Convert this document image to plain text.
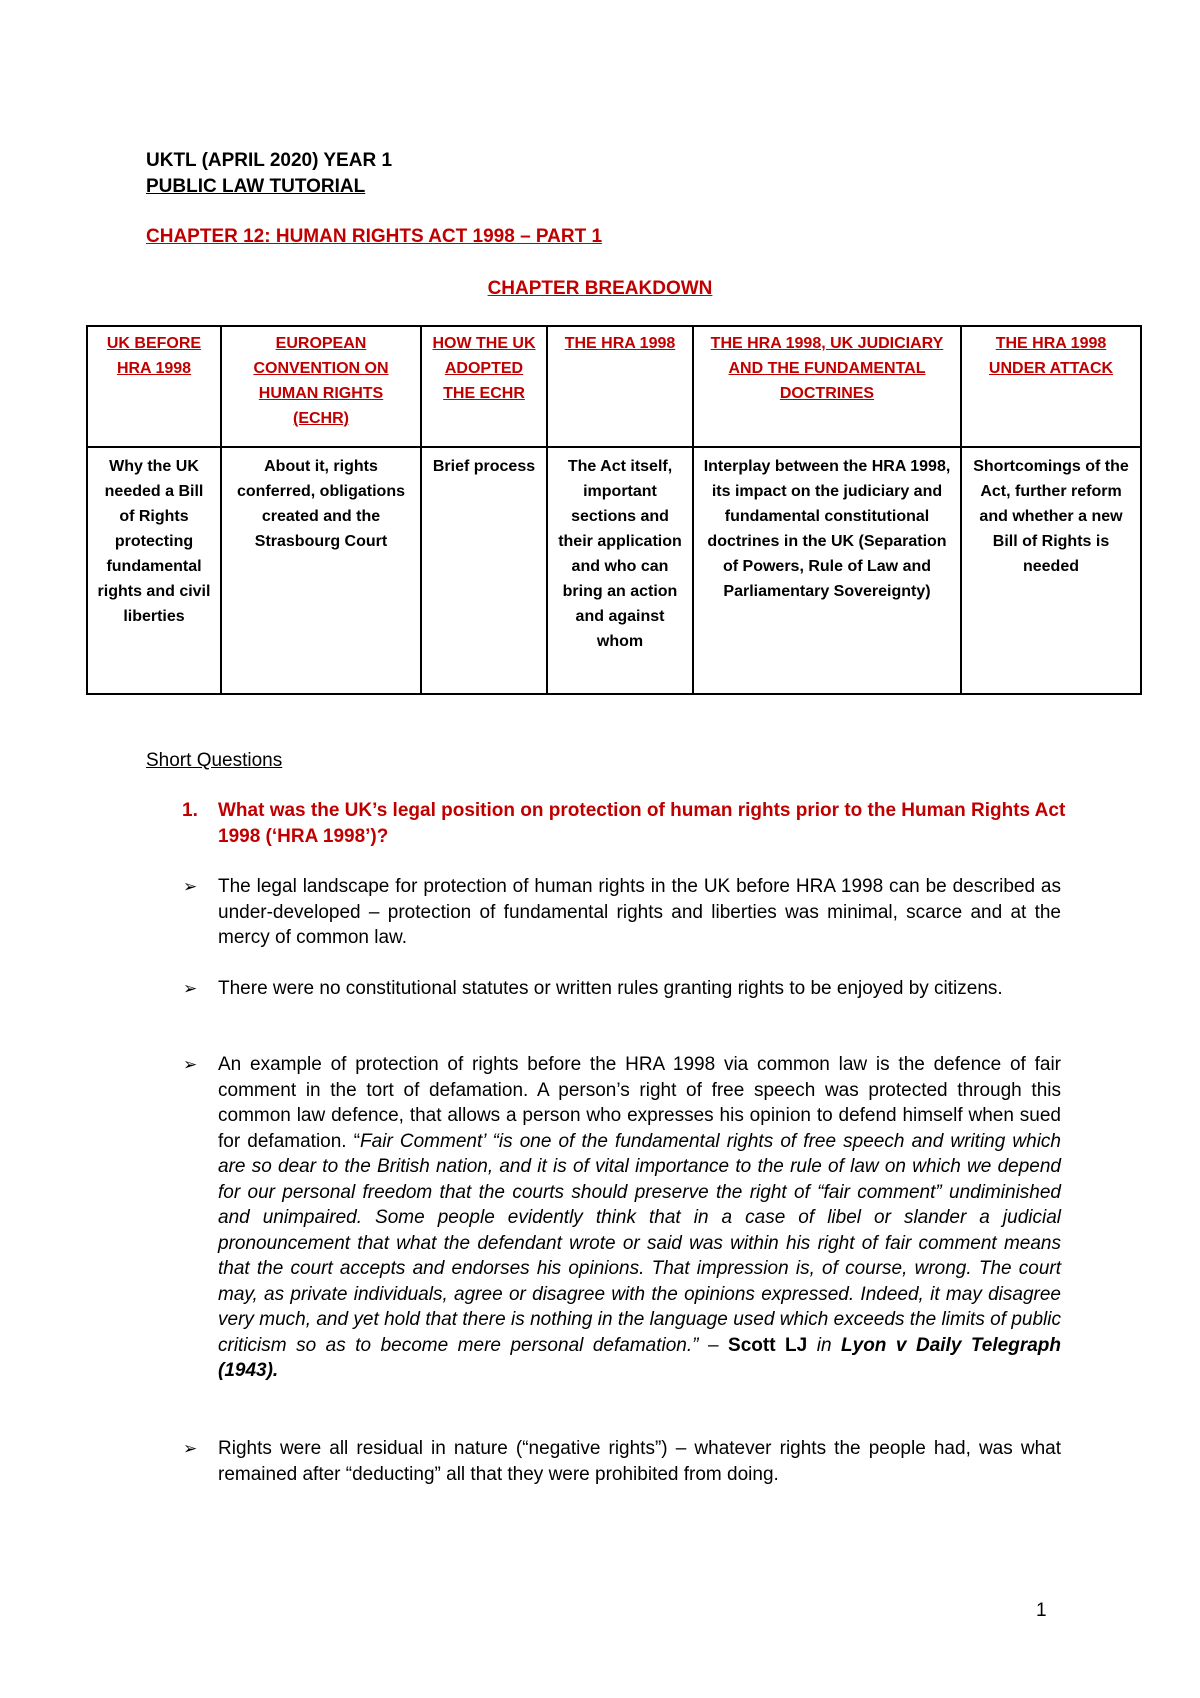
UKTL (APRIL 2020) YEAR 1
PUBLIC LAW TUTORIAL
CHAPTER 12: HUMAN RIGHTS ACT 1998 – PART 1
CHAPTER BREAKDOWN
UK BEFORE HRA 1998	EUROPEAN CONVENTION ON HUMAN RIGHTS (ECHR)	HOW THE UK ADOPTED THE ECHR	THE HRA 1998	THE HRA 1998, UK JUDICIARY AND THE FUNDAMENTAL DOCTRINES	THE HRA 1998 UNDER ATTACK
Why the UK needed a Bill of Rights protecting fundamental rights and civil liberties	About it, rights conferred, obligations created and the Strasbourg Court	Brief process	The Act itself, important sections and their application and who can bring an action and against whom	Interplay between the HRA 1998, its impact on the judiciary and fundamental constitutional doctrines in the UK (Separation of Powers, Rule of Law and Parliamentary Sovereignty)	Shortcomings of the Act, further reform and whether a new Bill of Rights is needed
Short Questions
1. What was the UK’s legal position on protection of human rights prior to the Human Rights Act 1998 (‘HRA 1998’)?
➢ The legal landscape for protection of human rights in the UK before HRA 1998 can be described as under-developed – protection of fundamental rights and liberties was minimal, scarce and at the mercy of common law.
➢ There were no constitutional statutes or written rules granting rights to be enjoyed by citizens.
➢ An example of protection of rights before the HRA 1998 via common law is the defence of fair comment in the tort of defamation. A person’s right of free speech was protected through this common law defence, that allows a person who expresses his opinion to defend himself when sued for defamation. “Fair Comment’ “is one of the fundamental rights of free speech and writing which are so dear to the British nation, and it is of vital importance to the rule of law on which we depend for our personal freedom that the courts should preserve the right of “fair comment” undiminished and unimpaired. Some people evidently think that in a case of libel or slander a judicial pronouncement that what the defendant wrote or said was within his right of fair comment means that the court accepts and endorses his opinions. That impression is, of course, wrong. The court may, as private individuals, agree or disagree with the opinions expressed. Indeed, it may disagree very much, and yet hold that there is nothing in the language used which exceeds the limits of public criticism so as to become mere personal defamation.” – Scott LJ in Lyon v Daily Telegraph (1943).
➢ Rights were all residual in nature (“negative rights”) – whatever rights the people had, was what remained after “deducting” all that they were prohibited from doing.
1
